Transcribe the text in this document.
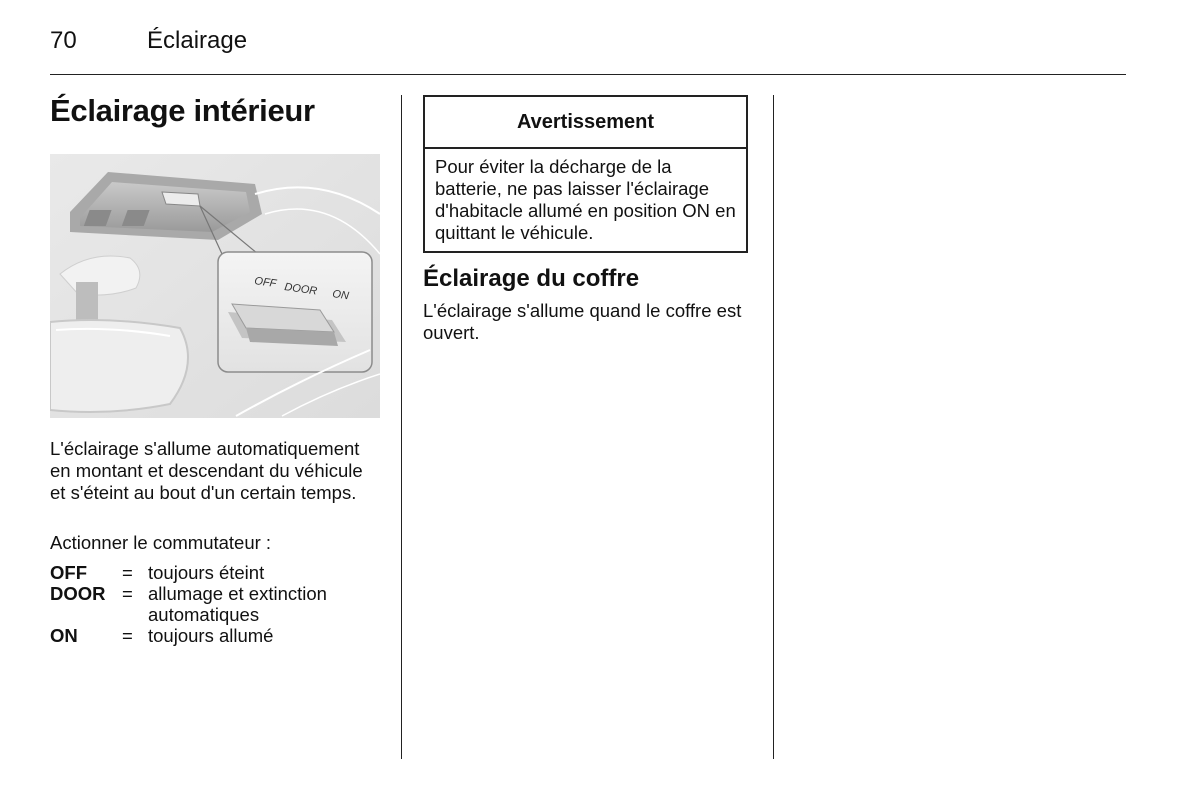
70	Éclairage
Éclairage intérieur
OFF DOOR ON

L'éclairage s'allume automatiquement en montant et descendant du véhicule et s'éteint au bout d'un certain temps.

Actionner le commutateur :

OFF	= toujours éteint
DOOR = allumage et extinction automatiques
ON	= toujours allumé
Avertissement
Pour éviter la décharge de la batterie, ne pas laisser l'éclairage d'habitacle allumé en position ON en quittant le véhicule.
Éclairage du coffre

L'éclairage s'allume quand le coffre est ouvert.
